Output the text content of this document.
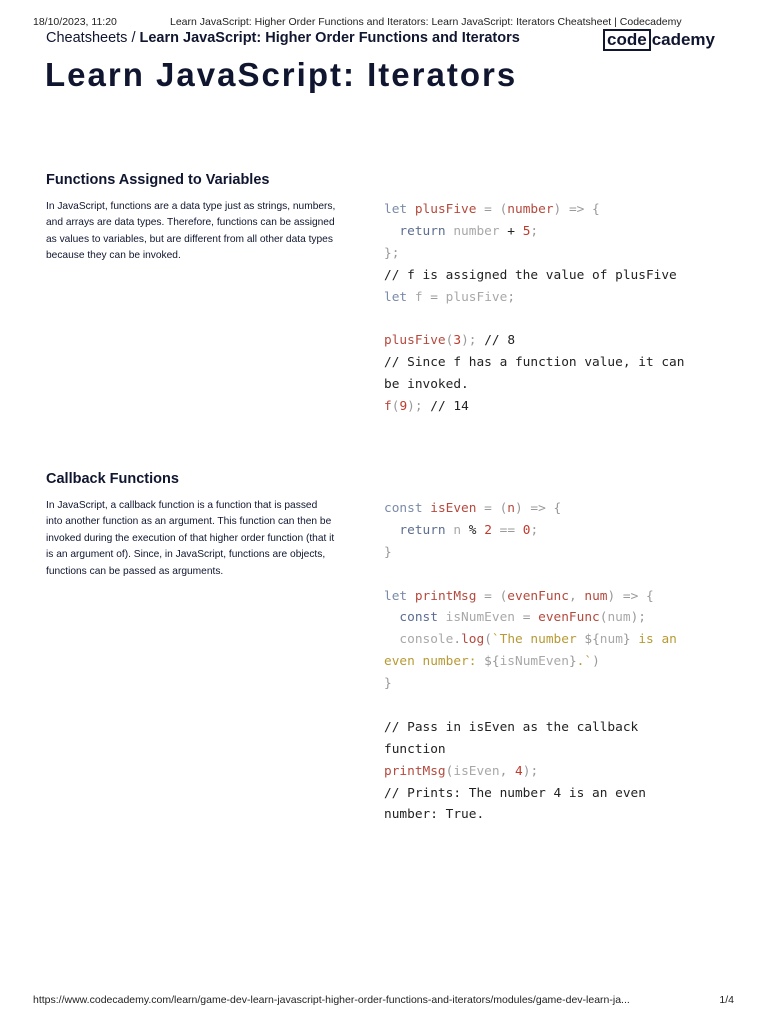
18/10/2023, 11:20	Learn JavaScript: Higher Order Functions and Iterators: Learn JavaScript: Iterators Cheatsheet | Codecademy
Cheatsheets / Learn JavaScript: Higher Order Functions and Iterators	code cademy
Learn JavaScript: Iterators
Functions Assigned to Variables

In JavaScript, functions are a data type just as strings, numbers, and arrays are data types. Therefore, functions can be assigned as values to variables, but are different from all other data types because they can be invoked.

let plusFive = (number) => {
return number + 5;
};
// f is assigned the value of plusFive
let f = plusFive;
plusFive(3); // 8
// Since f has a function value, it can
be invoked.
f(9); // 14
Callback Functions

In JavaScript, a callback function is a function that is passed into another function as an argument. This function can then be invoked during the execution of that higher order function (that it is an argument of). Since, in JavaScript, functions are objects, functions can be passed as arguments.

const isEven = (n) => {
return n % 2 == 0;
}
let printMsg = (evenFunc, num) => {
const isNumEven = evenFunc(num);
console.log(`The number ${num} is an
even number: ${isNumEven}.`)
}
// Pass in isEven as the callback
function
printMsg(isEven, 4);
// Prints: The number 4 is an even
number: True.
https://www.codecademy.com/learn/game-dev-learn-javascript-higher-order-functions-and-iterators/modules/game-dev-learn-ja...	1/4
